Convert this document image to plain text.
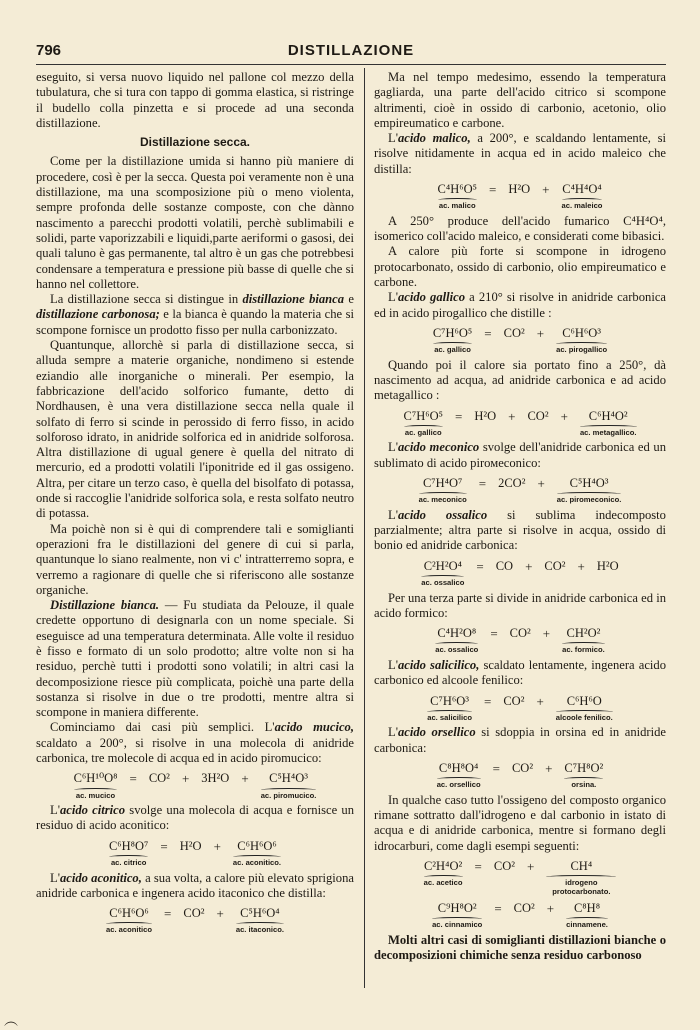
796	DISTILLAZIONE

eseguito, si versa nuovo liquido nel pallone col mezzo della tubulatura, che si tura con tappo di gomma elastica, si ristringe il budello colla pinzetta e si procede ad una seconda distillazione.

Distillazione secca.

Come per la distillazione umida si hanno più maniere di procedere, così è per la secca. Questa poi veramente non è una distillazione, ma una scomposizione più o meno violenta, sempre profonda delle sostanze composte, con che dànno nascimento a parecchi prodotti volatili, perchè sublimabili e solidi, parte vaporizzabili e liquidi,parte aeriformi o gasosi, dei quali taluno è gas permanente, tal altro è un gas che potrebbesi condensare a temperatura e pressione più basse di quelle che si hanno nel collettore.

La distillazione secca si distingue in distillazione bianca e distillazione carbonosa; e la bianca è quando la materia che si scompone fornisce un prodotto fisso per nulla carbonizzato.

Quantunque, allorchè si parla di distillazione secca, si alluda sempre a materie organiche, nondimeno si estende eziandio alle inorganiche o minerali. Per esempio, la fabbricazione dell'acido solforico fumante, detto di Nordhausen, è una vera distillazione secca nella quale il solfato di ferro si scinde in perossido di ferro fisso, in acido solforoso idrato, in anidride solforica ed in anidride solforosa. Altra distillazione di ugual genere è quella del nitrato di mercurio, ed a prodotti volatili l'iponitride ed il gas ossigeno. Altra, per citare un terzo caso, è quella del bisolfato di potassa, onde si raccoglie l'anidride solforica sola, e resta solfato neutro di potassa.

Ma poichè non si è qui di comprendere tali e somiglianti operazioni fra le distillazioni del genere di cui si parla, quantunque lo siano realmente, non vi c' intratterremo sopra, e verremo a ragionare di quelle che si riferiscono alle sostanze organiche.

Distillazione bianca. — Fu studiata da Pelouze, il quale credette opportuno di designarla con un nome speciale. Si eseguisce ad una temperatura determinata. Alle volte il residuo è fisso e formato di un solo prodotto; altre volte non si ha residuo, perchè tutti i prodotti sono volatili; in altri casi la decomposizione riesce più complicata, poichè una parte della sostanza si risolve in due o tre prodotti, mentre altra si scompone in maniera differente.

Cominciamo dai casi più semplici. L'acido mucico, scaldato a 200°, si risolve in una molecola di anidride carbonica, tre molecole di acqua ed in acido piromucico:

C⁶H¹⁰O⁸
ac. mucico
= CO² + 3H²O + C⁵H⁴O³
ac. piromucico.

L'acido citrico svolge una molecola di acqua e fornisce un residuo di acido aconitico:

C⁶H⁸O⁷
ac. citrico
= H²O + C⁶H⁶O⁶
ac. aconitico.

L'acido aconitico, a sua volta, a calore più elevato sprigiona anidride carbonica e ingenera acido itaconico che distilla:

C⁶H⁶O⁶
ac. aconitico
= CO² + C⁵H⁶O⁴
ac. itaconico.

Ma nel tempo medesimo, essendo la temperatura gagliarda, una parte dell'acido citrico si scompone altrimenti, cioè in ossido di carbonio, acetonio, olio empireumatico e carbone.

L'acido malico, a 200°, e scaldando lentamente, si risolve nitidamente in acqua ed in acido maleico che distilla:

C⁴H⁶O⁵
ac. malico
= H²O + C⁴H⁴O⁴
ac. maleico

A 250° produce dell'acido fumarico C⁴H⁴O⁴, isomerico coll'acido maleico, e considerati come bibasici.

A calore più forte si scompone in idrogeno protocarbonato, ossido di carbonio, olio empireumatico e carbone.

L'acido gallico a 210° si risolve in anidride carbonica ed in acido pirogallico che distille :

C⁷H⁶O⁵
ac. gallico
= CO² + C⁶H⁶O³
ac. pirogallico

Quando poi il calore sia portato fino a 250°, dà nascimento ad acqua, ad anidride carbonica e ad acido metagallico :

C⁷H⁶O⁵
ac. gallico
= H²O + CO² + C⁶H⁴O²
ac. metagallico.

L'acido meconico svolge dell'anidride carbonica ed un sublimato di acido pirомeconico:

C⁷H⁴O⁷
ac. meconico
= 2CO² + C⁵H⁴O³
ac. piromeconico.

L'acido ossalico si sublima indecomposto parzialmente; altra parte si risolve in acqua, ossido di bonio ed anidride carbonica:

C²H²O⁴
ac. ossalico
= CO + CO² + H²O

Per una terza parte si divide in anidride carbonica ed in acido formico:

C⁴H²O⁸
ac. ossalico
= CO² + CH²O²
ac. formico.

L'acido salicilico, scaldato lentamente, ingenera acido carbonico ed alcoole fenilico:

C⁷H⁶O³
ac. salicilico
= CO² + C⁶H⁶O
alcoole fenilico.

L'acido orsellico si sdoppia in orsina ed in anidride carbonica:

C⁸H⁸O⁴
ac. orsellico
= CO² + C⁷H⁸O²
orsina.

In qualche caso tutto l'ossigeno del composto organico rimane sottratto dall'idrogeno e dal carbonio in istato di acqua e di anidride carbonica, mentre si formano degli idrocarburi, come dagli esempi seguenti:

C²H⁴O²
ac. acetico
= CO² +	CH⁴
idrogeno protocarbonato.
C⁹H⁸O²
ac. cinnamico
= CO² + C⁸H⁸
cinnamene.

Molti altri casi di somiglianti distillazioni bianche o decomposizioni chimiche senza residuo carbonoso

︵
